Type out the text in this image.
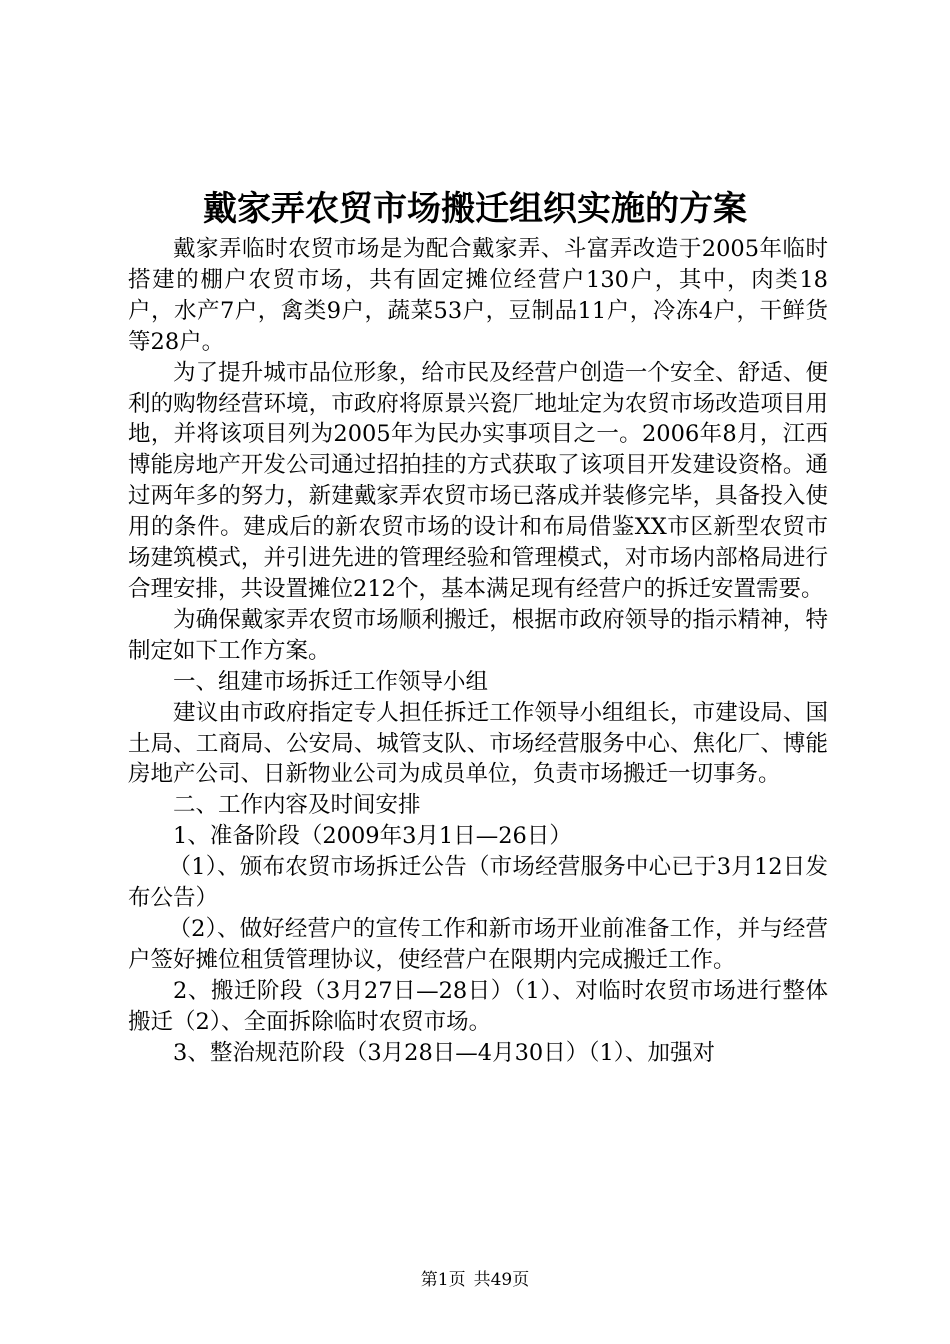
戴家弄农贸市场搬迁组织实施的方案

戴家弄临时农贸市场是为配合戴家弄、斗富弄改造于2005年临时搭建的棚户农贸市场，共有固定摊位经营户130户，其中，肉类18户，水产7户，禽类9户，蔬菜53户，豆制品11户，冷冻4户，干鲜货等28户。

为了提升城市品位形象，给市民及经营户创造一个安全、舒适、便利的购物经营环境，市政府将原景兴瓷厂地址定为农贸市场改造项目用地，并将该项目列为2005年为民办实事项目之一。2006年8月，江西博能房地产开发公司通过招拍挂的方式获取了该项目开发建设资格。通过两年多的努力，新建戴家弄农贸市场已落成并装修完毕，具备投入使用的条件。建成后的新农贸市场的设计和布局借鉴XX市区新型农贸市场建筑模式，并引进先进的管理经验和管理模式，对市场内部格局进行合理安排，共设置摊位212个，基本满足现有经营户的拆迁安置需要。

为确保戴家弄农贸市场顺利搬迁，根据市政府领导的指示精神，特制定如下工作方案。

一、组建市场拆迁工作领导小组

建议由市政府指定专人担任拆迁工作领导小组组长，市建设局、国土局、工商局、公安局、城管支队、市场经营服务中心、焦化厂、博能房地产公司、日新物业公司为成员单位，负责市场搬迁一切事务。

二、工作内容及时间安排

1、准备阶段（2009年3月1日—26日）

（1）、颁布农贸市场拆迁公告（市场经营服务中心已于3月12日发布公告）

（2）、做好经营户的宣传工作和新市场开业前准备工作，并与经营户签好摊位租赁管理协议，使经营户在限期内完成搬迁工作。

2、搬迁阶段（3月27日—28日）（1）、对临时农贸市场进行整体搬迁（2）、全面拆除临时农贸市场。

3、整治规范阶段（3月28日—4月30日）（1）、加强对

第1页 共49页
